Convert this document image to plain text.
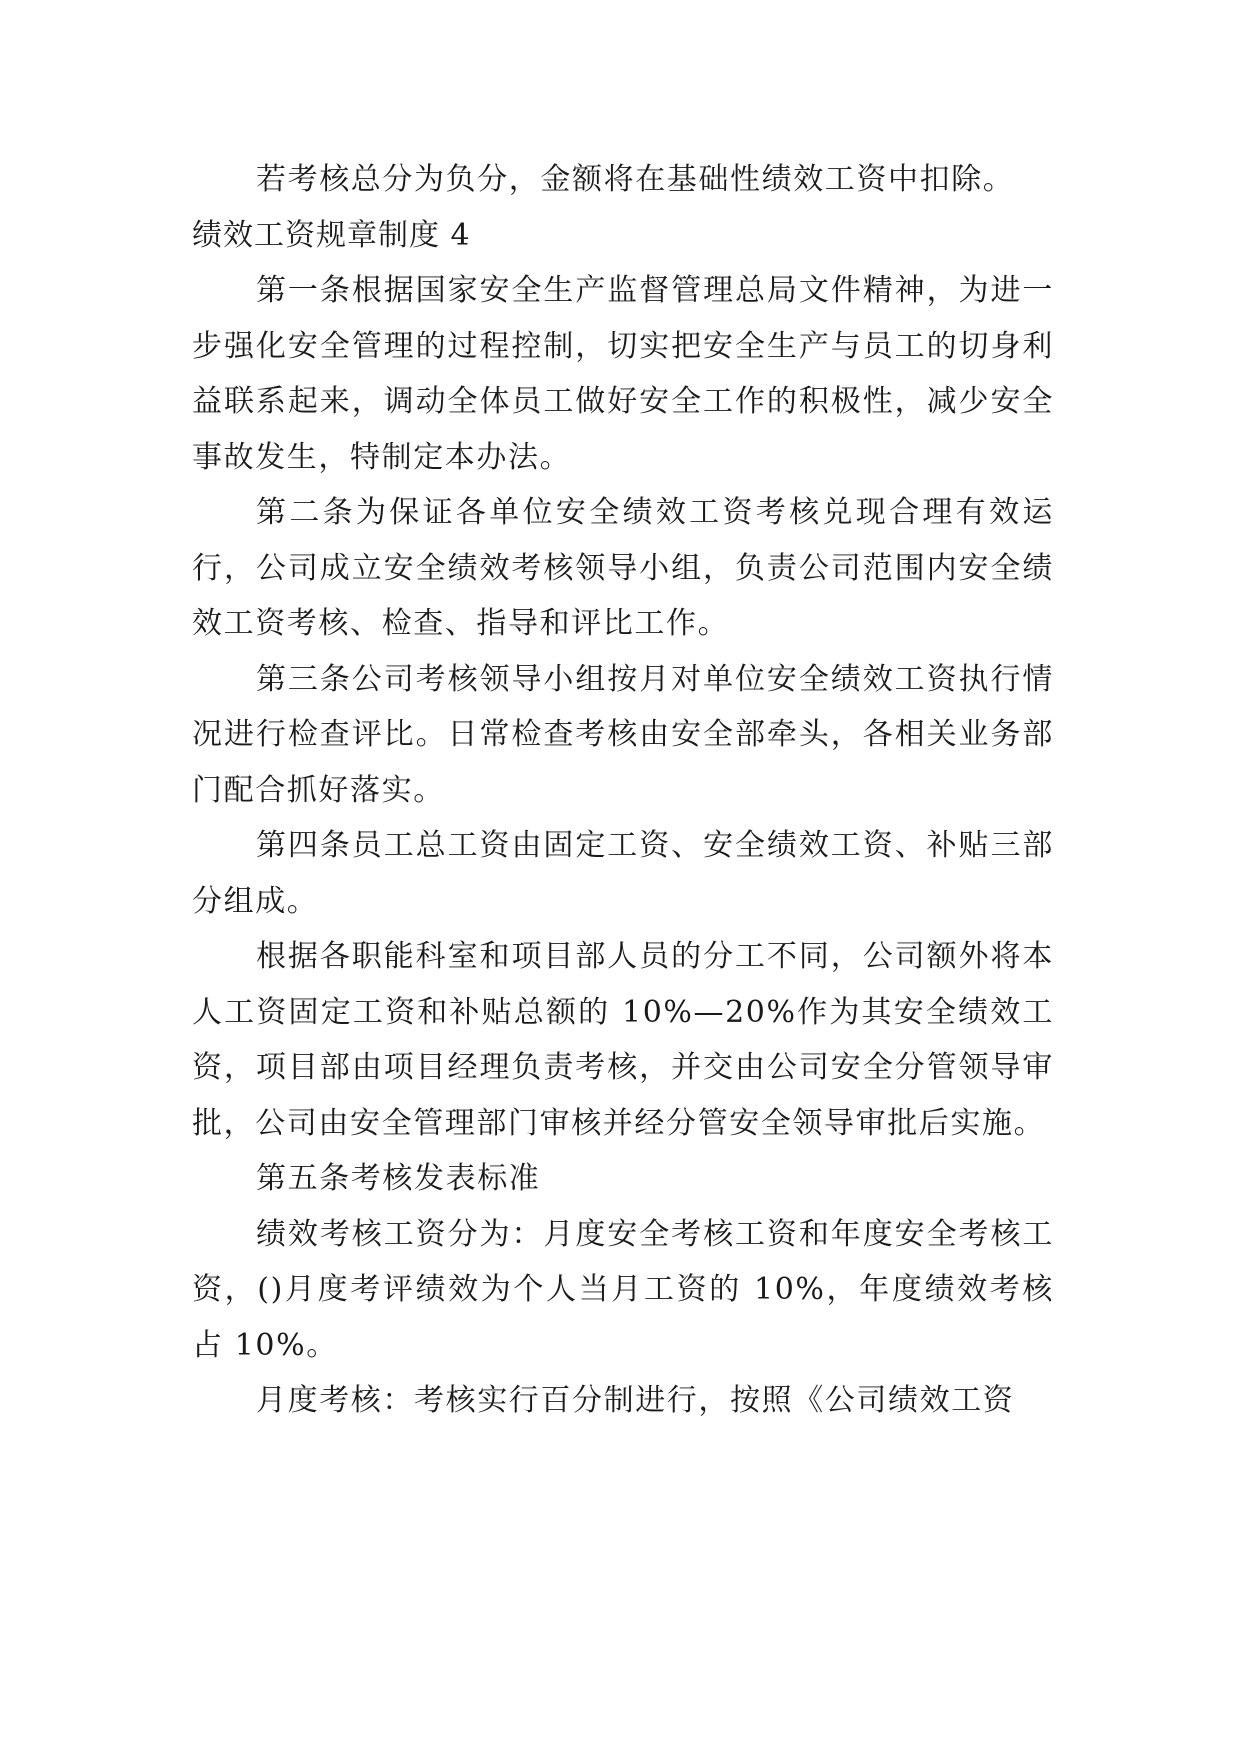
若考核总分为负分，金额将在基础性绩效工资中扣除。

绩效工资规章制度 4

第一条根据国家安全生产监督管理总局文件精神，为进一步强化安全管理的过程控制，切实把安全生产与员工的切身利益联系起来，调动全体员工做好安全工作的积极性，减少安全事故发生，特制定本办法。

第二条为保证各单位安全绩效工资考核兑现合理有效运行，公司成立安全绩效考核领导小组，负责公司范围内安全绩效工资考核、检查、指导和评比工作。

第三条公司考核领导小组按月对单位安全绩效工资执行情况进行检查评比。日常检查考核由安全部牵头，各相关业务部门配合抓好落实。

第四条员工总工资由固定工资、安全绩效工资、补贴三部分组成。

根据各职能科室和项目部人员的分工不同，公司额外将本人工资固定工资和补贴总额的 10%—20%作为其安全绩效工资，项目部由项目经理负责考核，并交由公司安全分管领导审批，公司由安全管理部门审核并经分管安全领导审批后实施。

第五条考核发表标准

绩效考核工资分为：月度安全考核工资和年度安全考核工资，()月度考评绩效为个人当月工资的 10%，年度绩效考核占 10%。

月度考核：考核实行百分制进行，按照《公司绩效工资
